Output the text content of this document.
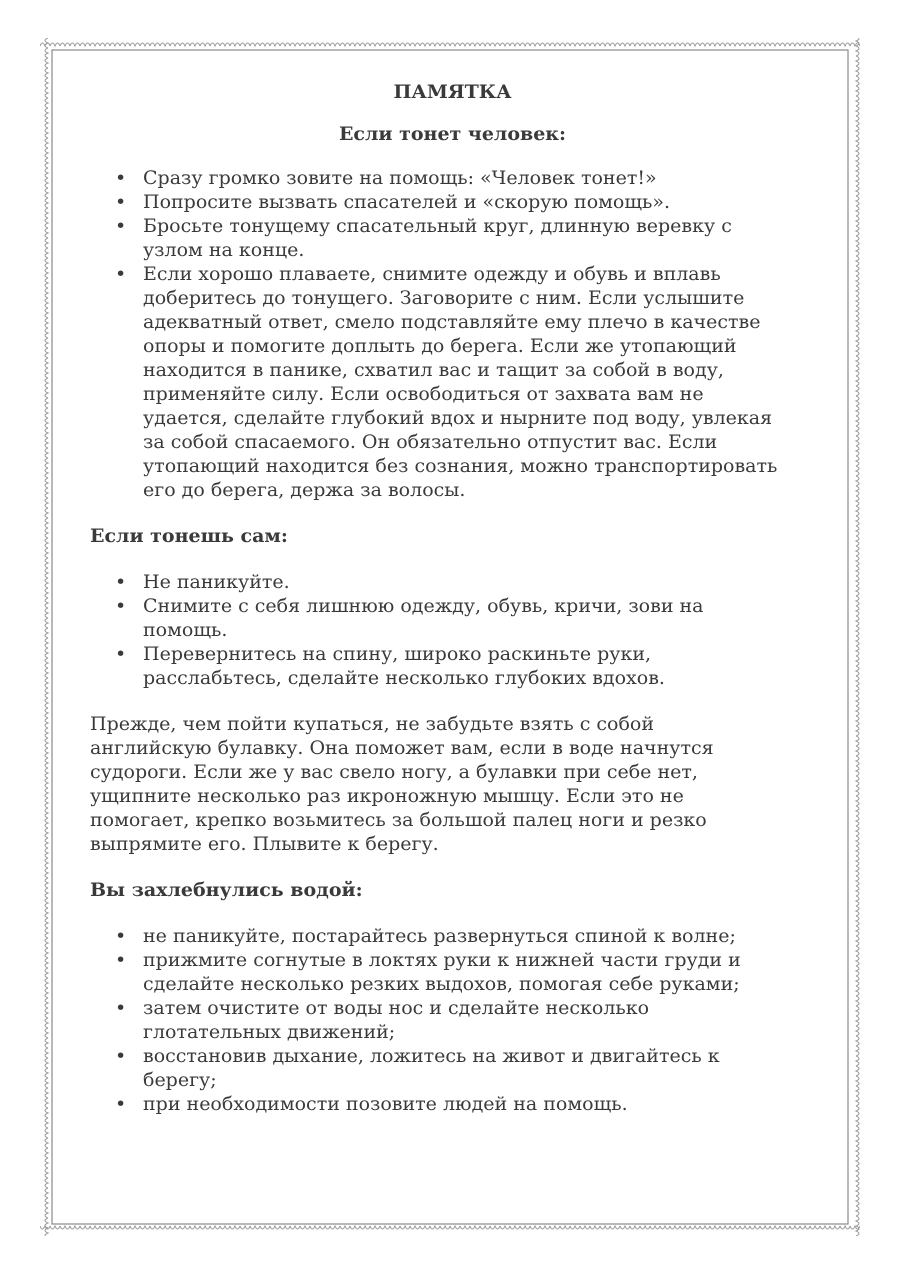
ПАМЯТКА
Если тонет человек:
• Сразу громко зовите на помощь: «Человек тонет!»
• Попросите вызвать спасателей и «скорую помощь».
• Бросьте тонущему спасательный круг, длинную веревку с узлом на конце.
• Если хорошо плаваете, снимите одежду и обувь и вплавь доберитесь до тонущего. Заговорите с ним. Если услышите адекватный ответ, смело подставляйте ему плечо в качестве опоры и помогите доплыть до берега. Если же утопающий находится в панике, схватил вас и тащит за собой в воду, применяйте силу. Если освободиться от захвата вам не удается, сделайте глубокий вдох и нырните под воду, увлекая за собой спасаемого. Он обязательно отпустит вас. Если утопающий находится без сознания, можно транспортировать его до берега, держа за волосы.
Если тонешь сам:
• Не паникуйте.
• Снимите с себя лишнюю одежду, обувь, кричи, зови на помощь.
• Перевернитесь на спину, широко раскиньте руки, расслабьтесь, сделайте несколько глубоких вдохов.

Прежде, чем пойти купаться, не забудьте взять с собой английскую булавку. Она поможет вам, если в воде начнутся судороги. Если же у вас свело ногу, а булавки при себе нет, ущипните несколько раз икроножную мышцу. Если это не помогает, крепко возьмитесь за большой палец ноги и резко выпрямите его. Плывите к берегу.

Вы захлебнулись водой:
• не паникуйте, постарайтесь развернуться спиной к волне;
• прижмите согнутые в локтях руки к нижней части груди и сделайте несколько резких выдохов, помогая себе руками;
• затем очистите от воды нос и сделайте несколько глотательных движений;
• восстановив дыхание, ложитесь на живот и двигайтесь к берегу;
• при необходимости позовите людей на помощь.
